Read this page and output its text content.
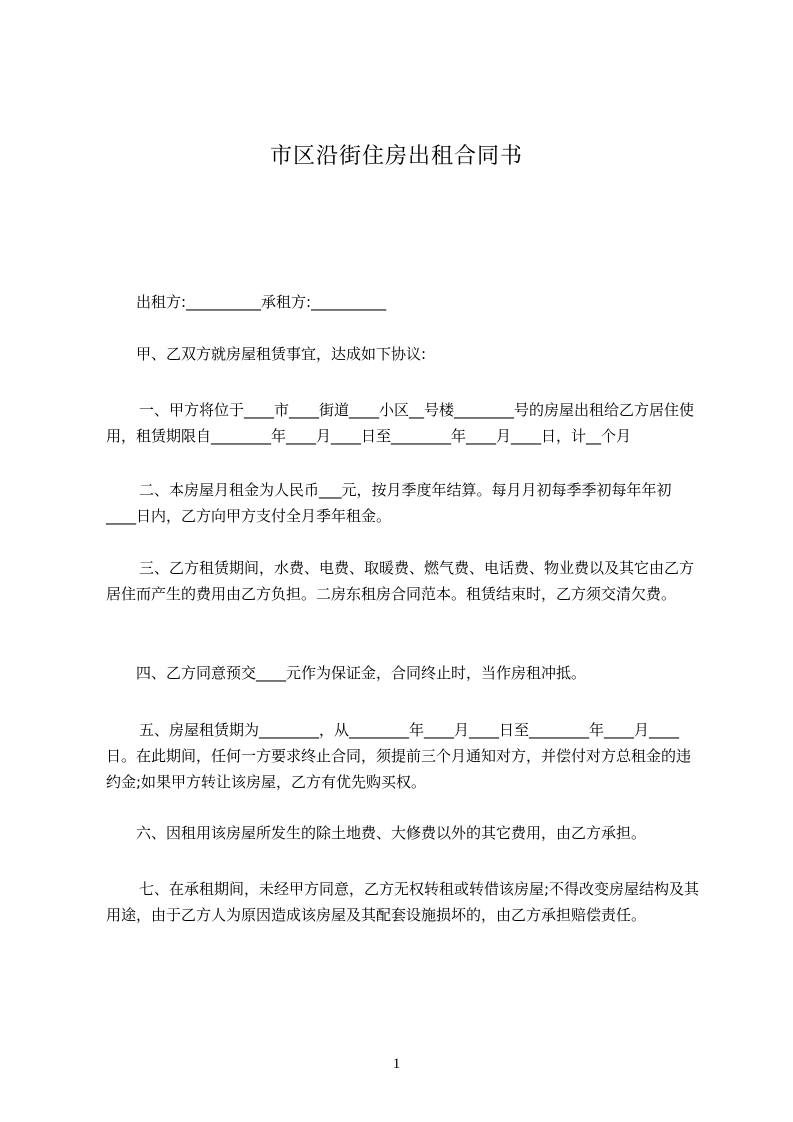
市区沿街住房出租合同书
出租方:__________承租方:__________
甲、乙双方就房屋租赁事宜，达成如下协议:
一、甲方将位于____市____街道____小区__号楼________号的房屋出租给乙方居住使用，租赁期限自________年____月____日至________年____月____日，计__个月
二、本房屋月租金为人民币___元，按月季度年结算。每月月初每季季初每年年初____日内，乙方向甲方支付全月季年租金。
三、乙方租赁期间，水费、电费、取暖费、燃气费、电话费、物业费以及其它由乙方居住而产生的费用由乙方负担。二房东租房合同范本。租赁结束时，乙方须交清欠费。
四、乙方同意预交____元作为保证金，合同终止时，当作房租冲抵。
五、房屋租赁期为________，从________年____月____日至________年____月____日。在此期间，任何一方要求终止合同，须提前三个月通知对方，并偿付对方总租金的违约金;如果甲方转让该房屋，乙方有优先购买权。
六、因租用该房屋所发生的除土地费、大修费以外的其它费用，由乙方承担。
七、在承租期间，未经甲方同意，乙方无权转租或转借该房屋;不得改变房屋结构及其用途，由于乙方人为原因造成该房屋及其配套设施损坏的，由乙方承担赔偿责任。
1
